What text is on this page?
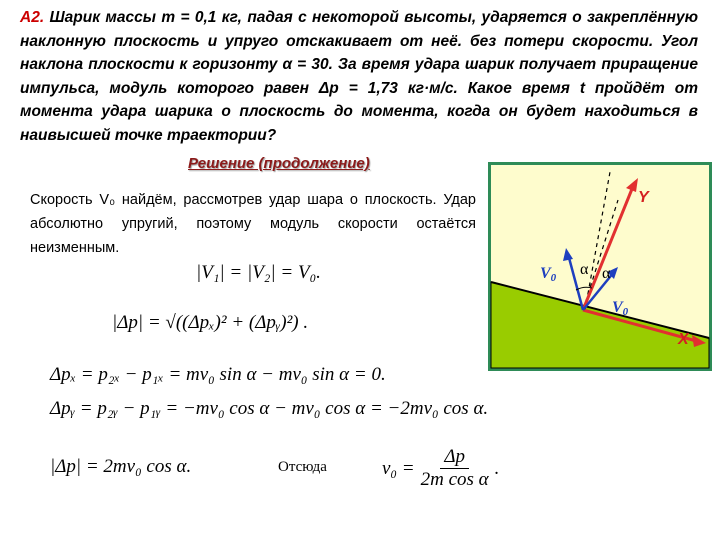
А2. Шарик массы m = 0,1 кг, падая с некоторой высоты, ударяется о закреплённую наклонную плоскость и упруго отскакивает от неё. без потери скорости. Угол наклона плоскости к горизонту α = 30. За время удара шарик получает приращение импульса, модуль которого равен Δp = 1,73 кг·м/с. Какое время t пройдёт от момента удара шарика о плоскость до момента, когда он будет находиться в наивысшей точке траектории?
Решение (продолжение)
Скорость V₀ найдём, рассмотрев удар шара о плоскость. Удар абсолютно упругий, поэтому модуль скорости остаётся неизменным.
|V₁| = |V₂| = V₀.
|Δp| = √((Δpₓ)² + (Δpᵧ)²) .
Δpₓ = p₂ₓ − p₁ₓ = mv₀ sin α − mv₀ sin α = 0.
Δpᵧ = p₂ᵧ − p₁ᵧ = −mv₀ cos α − mv₀ cos α = −2mv₀ cos α.
|Δp| = 2mv₀ cos α.	Отсюда	$v_0 = \frac{\Delta p}{\text{2m cos α}}$ .
Y
X
V0
V0
α α
